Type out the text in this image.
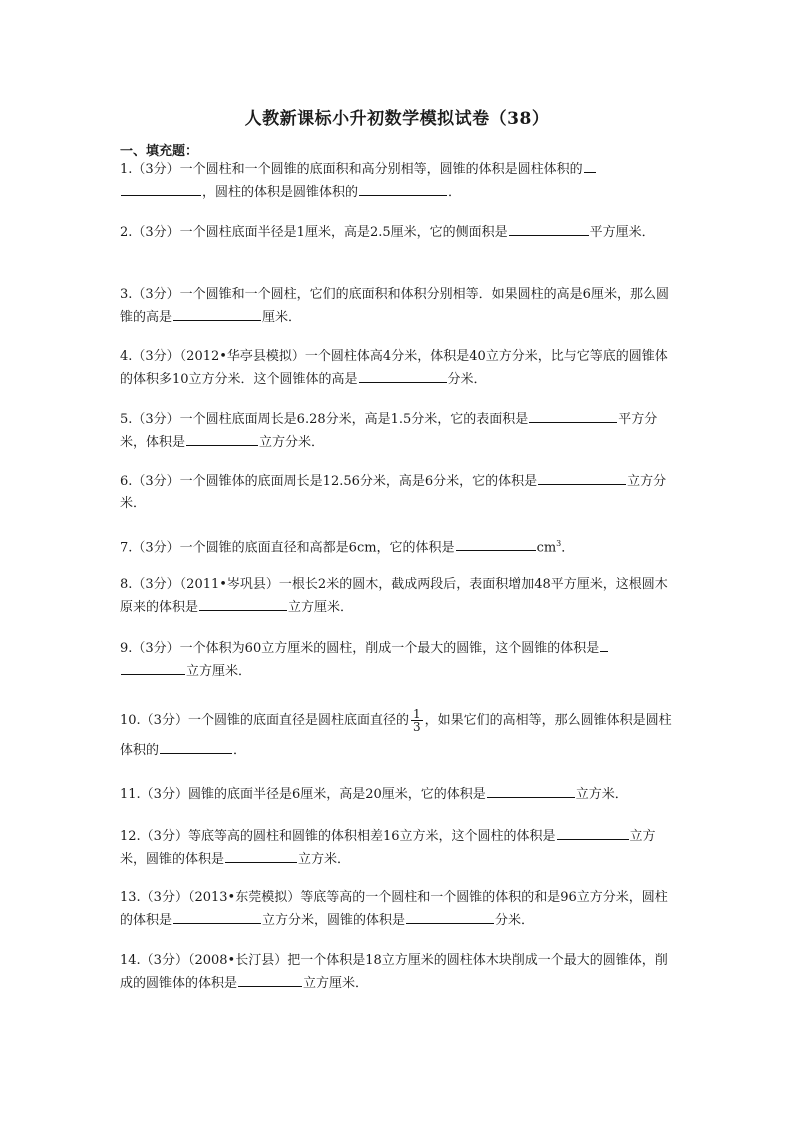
人教新课标小升初数学模拟试卷（38）
一、填充题：
1.（3分）一个圆柱和一个圆锥的底面积和高分别相等，圆锥的体积是圆柱体积的
，圆柱的体积是圆锥体积的	．
2.（3分）一个圆柱底面半径是1厘米，高是2.5厘米，它的侧面积是	平方厘米．
3.（3分）一个圆锥和一个圆柱，它们的底面积和体积分别相等．如果圆柱的高是6厘米，那么圆锥的高是	厘米．
4.（3分）（2012•华亭县模拟）一个圆柱体高4分米，体积是40立方分米，比与它等底的圆锥体的体积多10立方分米．这个圆锥体的高是	分米．
5.（3分）一个圆柱底面周长是6.28分米，高是1.5分米，它的表面积是	平方分米，体积是	立方分米．
6.（3分）一个圆锥体的底面周长是12.56分米，高是6分米，它的体积是	立方分米．
7.（3分）一个圆锥的底面直径和高都是6cm，它的体积是	$cm^3$．
8.（3分）（2011•岑巩县）一根长2米的圆木，截成两段后，表面积增加48平方厘米，这根圆木原来的体积是	立方厘米．
9.（3分）一个体积为60立方厘米的圆柱，削成一个最大的圆锥，这个圆锥的体积是
立方厘米．
10.（3分）一个圆锥的底面直径是圆柱底面直径的 $\frac{1}{3}$ ，如果它们的高相等，那么圆锥体积是圆柱体积的	．
11.（3分）圆锥的底面半径是6厘米，高是20厘米，它的体积是	立方米．
12.（3分）等底等高的圆柱和圆锥的体积相差16立方米，这个圆柱的体积是	立方米，圆锥的体积是	立方米．
13.（3分）（2013•东莞模拟）等底等高的一个圆柱和一个圆锥的体积的和是96立方分米，圆柱的体积是	立方分米，圆锥的体积是	分米．
14.（3分）（2008•长汀县）把一个体积是18立方厘米的圆柱体木块削成一个最大的圆锥体，削成的圆锥体的体积是	立方厘米．
